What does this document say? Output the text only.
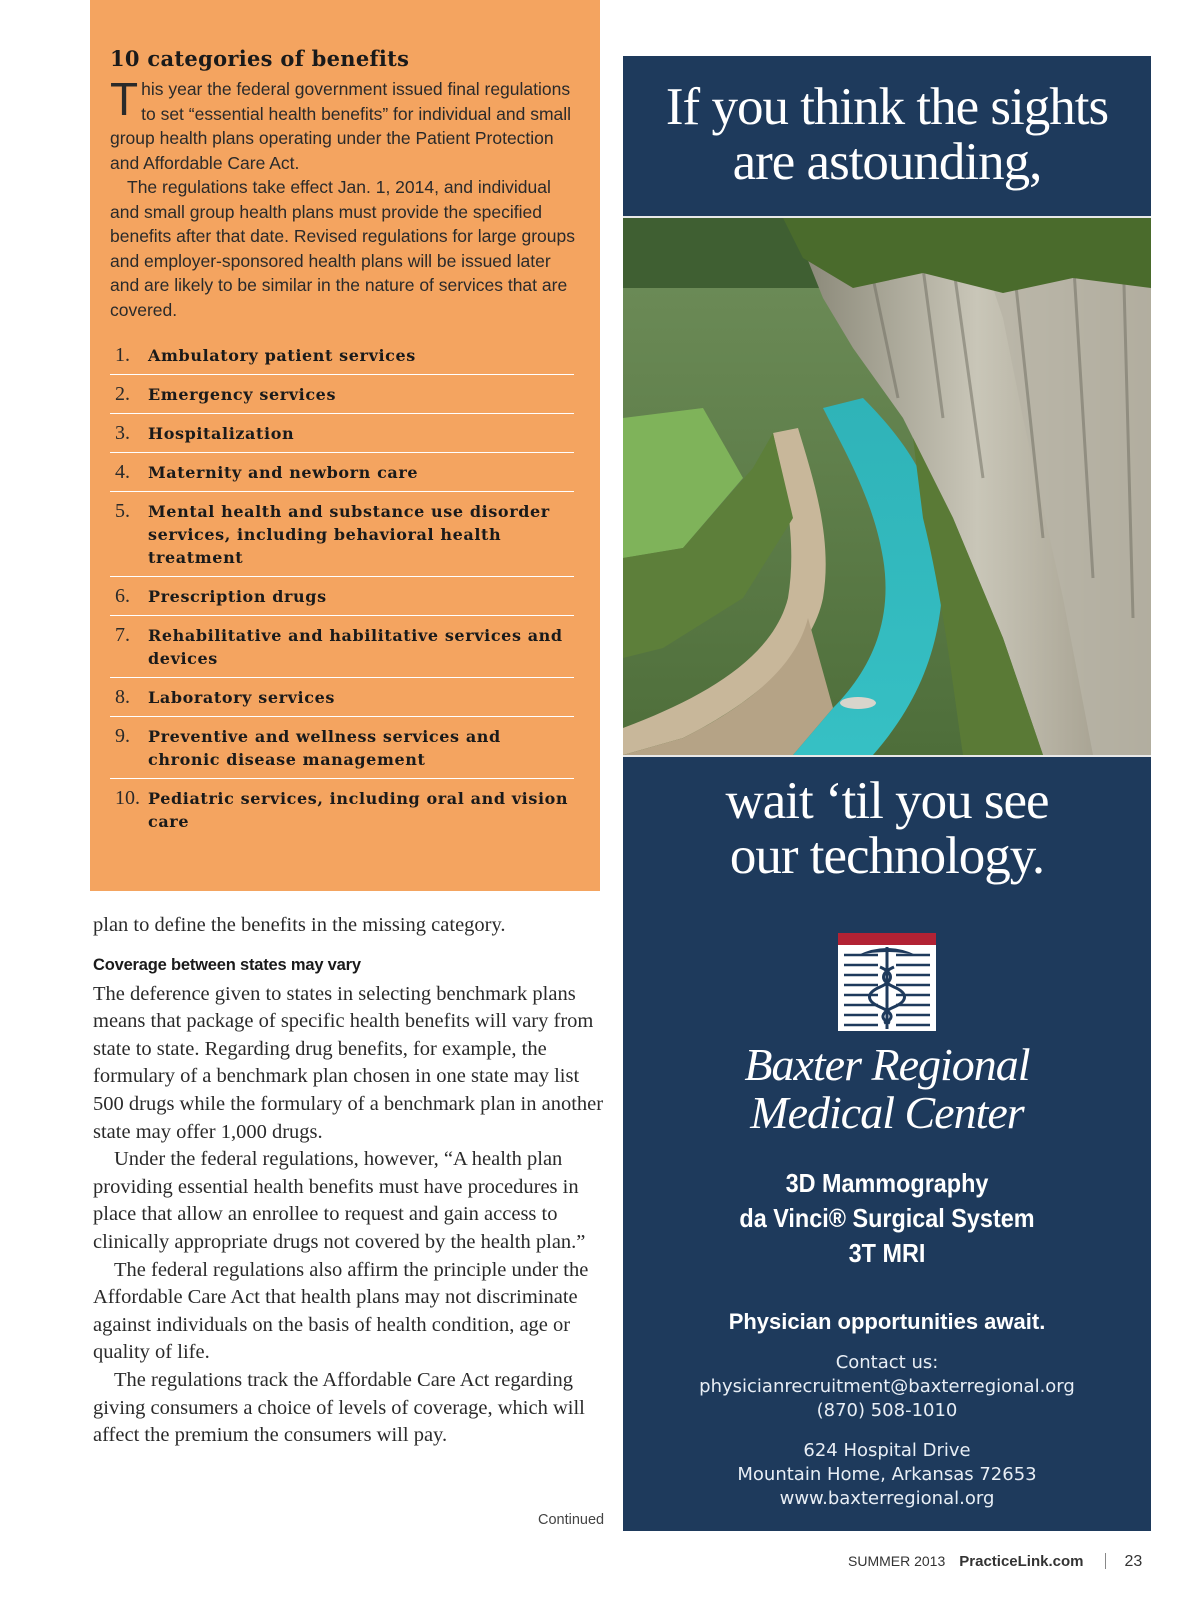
10 categories of benefits

This year the federal government issued final regulations to set “essential health benefits” for individual and small group health plans operating under the Patient Protection and Affordable Care Act.

The regulations take effect Jan. 1, 2014, and individual and small group health plans must provide the specified benefits after that date. Revised regulations for large groups and employer-sponsored health plans will be issued later and are likely to be similar in the nature of services that are covered.

1.	Ambulatory patient services
2.	Emergency services
3.	Hospitalization
4.	Maternity and newborn care
5.	Mental health and substance use disorder services, including behavioral health treatment
6.	Prescription drugs
7.	Rehabilitative and habilitative services and devices
8.	Laboratory services
9.	Preventive and wellness services and chronic disease management
10. Pediatric services, including oral and vision care

plan to define the benefits in the missing category.

Coverage between states may vary

The deference given to states in selecting benchmark plans means that package of specific health benefits will vary from state to state. Regarding drug benefits, for example, the formulary of a benchmark plan chosen in one state may list 500 drugs while the formulary of a benchmark plan in another state may offer 1,000 drugs.

Under the federal regulations, however, “A health plan providing essential health benefits must have procedures in place that allow an enrollee to request and gain access to clinically appropriate drugs not covered by the health plan.”

The federal regulations also affirm the principle under the Affordable Care Act that health plans may not discriminate against individuals on the basis of health condition, age or quality of life.

The regulations track the Affordable Care Act regarding giving consumers a choice of levels of coverage, which will affect the premium the consumers will pay.

Continued

If you think the sights

are astounding,

wait ‘til you see

our technology.

Baxter Regional
Medical Center
3D Mammography
da Vinci® Surgical System
3T MRI
Physician opportunities await.
Contact us:
physicianrecruitment@baxterregional.org
(870) 508-1010
624 Hospital Drive
Mountain Home, Arkansas 72653
www.baxterregional.org
SUMMER 2013 PracticeLink.com	23
